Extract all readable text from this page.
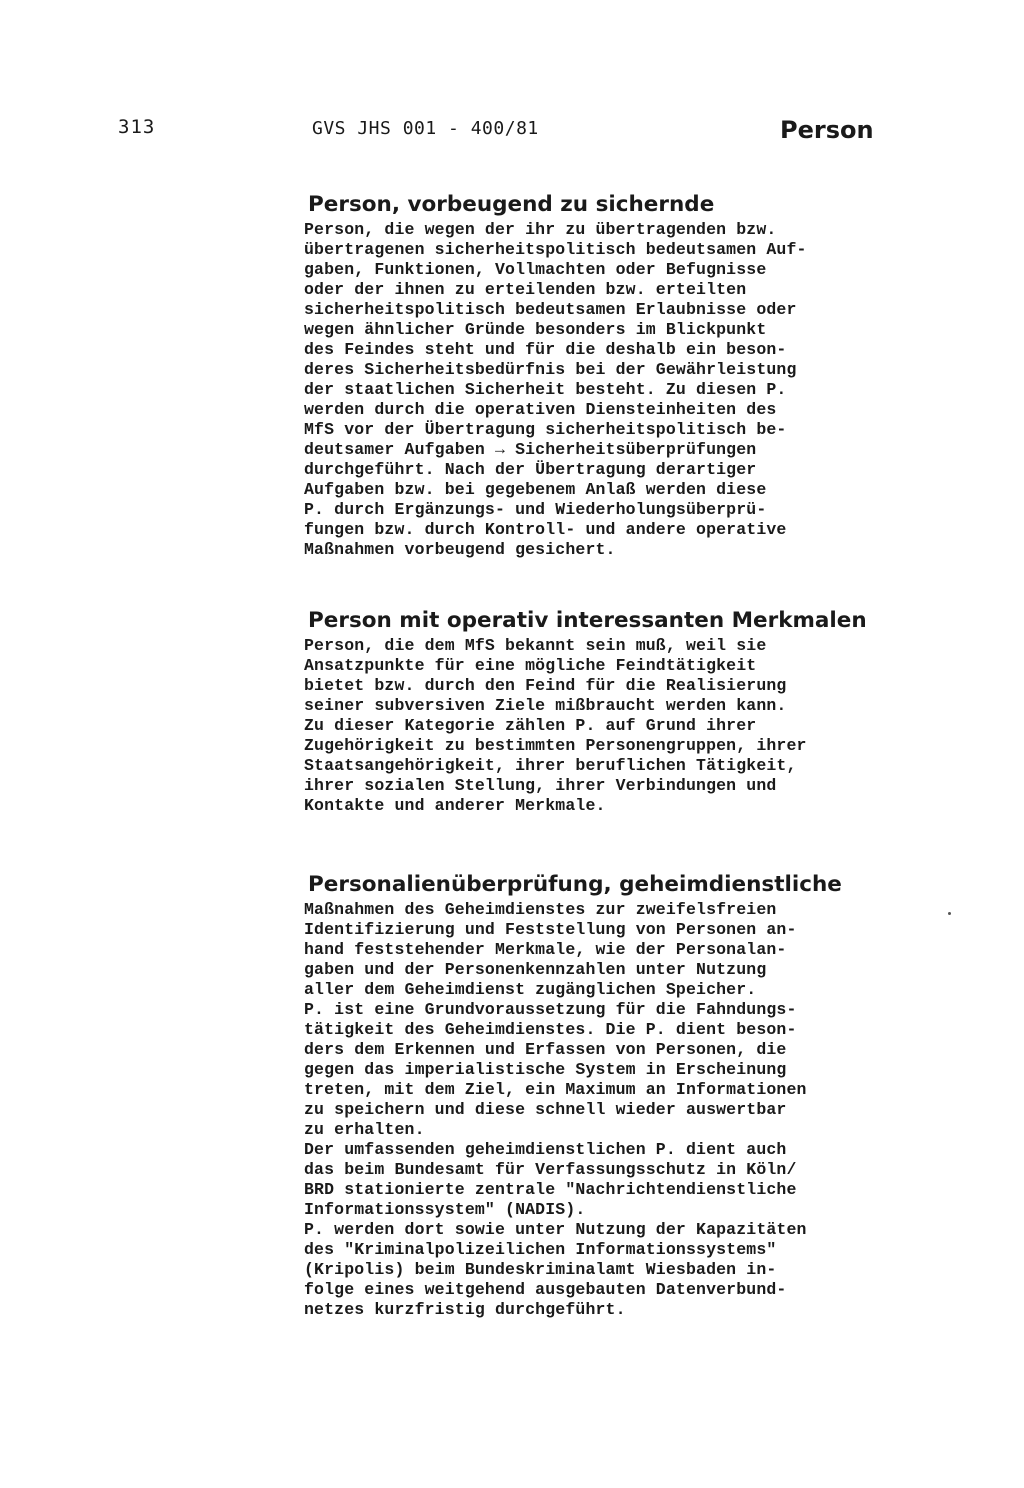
313	GVS JHS 001 - 400/81	Person
Person, vorbeugend zu sichernde
Person, die wegen der ihr zu übertragenden bzw.
übertragenen sicherheitspolitisch bedeutsamen Auf-
gaben, Funktionen, Vollmachten oder Befugnisse
oder der ihnen zu erteilenden bzw. erteilten
sicherheitspolitisch bedeutsamen Erlaubnisse oder
wegen ähnlicher Gründe besonders im Blickpunkt
des Feindes steht und für die deshalb ein beson-
deres Sicherheitsbedürfnis bei der Gewährleistung
der staatlichen Sicherheit besteht. Zu diesen P.
werden durch die operativen Diensteinheiten des
MfS vor der Übertragung sicherheitspolitisch be-
deutsamer Aufgaben → Sicherheitsüberprüfungen
durchgeführt. Nach der Übertragung derartiger
Aufgaben bzw. bei gegebenem Anlaß werden diese
P. durch Ergänzungs- und Wiederholungsüberprü-
fungen bzw. durch Kontroll- und andere operative
Maßnahmen vorbeugend gesichert.
Person mit operativ interessanten Merkmalen
Person, die dem MfS bekannt sein muß, weil sie
Ansatzpunkte für eine mögliche Feindtätigkeit
bietet bzw. durch den Feind für die Realisierung
seiner subversiven Ziele mißbraucht werden kann.
Zu dieser Kategorie zählen P. auf Grund ihrer
Zugehörigkeit zu bestimmten Personengruppen, ihrer
Staatsangehörigkeit, ihrer beruflichen Tätigkeit,
ihrer sozialen Stellung, ihrer Verbindungen und
Kontakte und anderer Merkmale.
Personalienüberprüfung, geheimdienstliche
Maßnahmen des Geheimdienstes zur zweifelsfreien
Identifizierung und Feststellung von Personen an-
hand feststehender Merkmale, wie der Personalan-
gaben und der Personenkennzahlen unter Nutzung
aller dem Geheimdienst zugänglichen Speicher.
P. ist eine Grundvoraussetzung für die Fahndungs-
tätigkeit des Geheimdienstes. Die P. dient beson-
ders dem Erkennen und Erfassen von Personen, die
gegen das imperialistische System in Erscheinung
treten, mit dem Ziel, ein Maximum an Informationen
zu speichern und diese schnell wieder auswertbar
zu erhalten.
Der umfassenden geheimdienstlichen P. dient auch
das beim Bundesamt für Verfassungsschutz in Köln/
BRD stationierte zentrale "Nachrichtendienstliche
Informationssystem" (NADIS).
P. werden dort sowie unter Nutzung der Kapazitäten
des "Kriminalpolizeilichen Informationssystems"
(Kripolis) beim Bundeskriminalamt Wiesbaden in-
folge eines weitgehend ausgebauten Datenverbund-
netzes kurzfristig durchgeführt.
